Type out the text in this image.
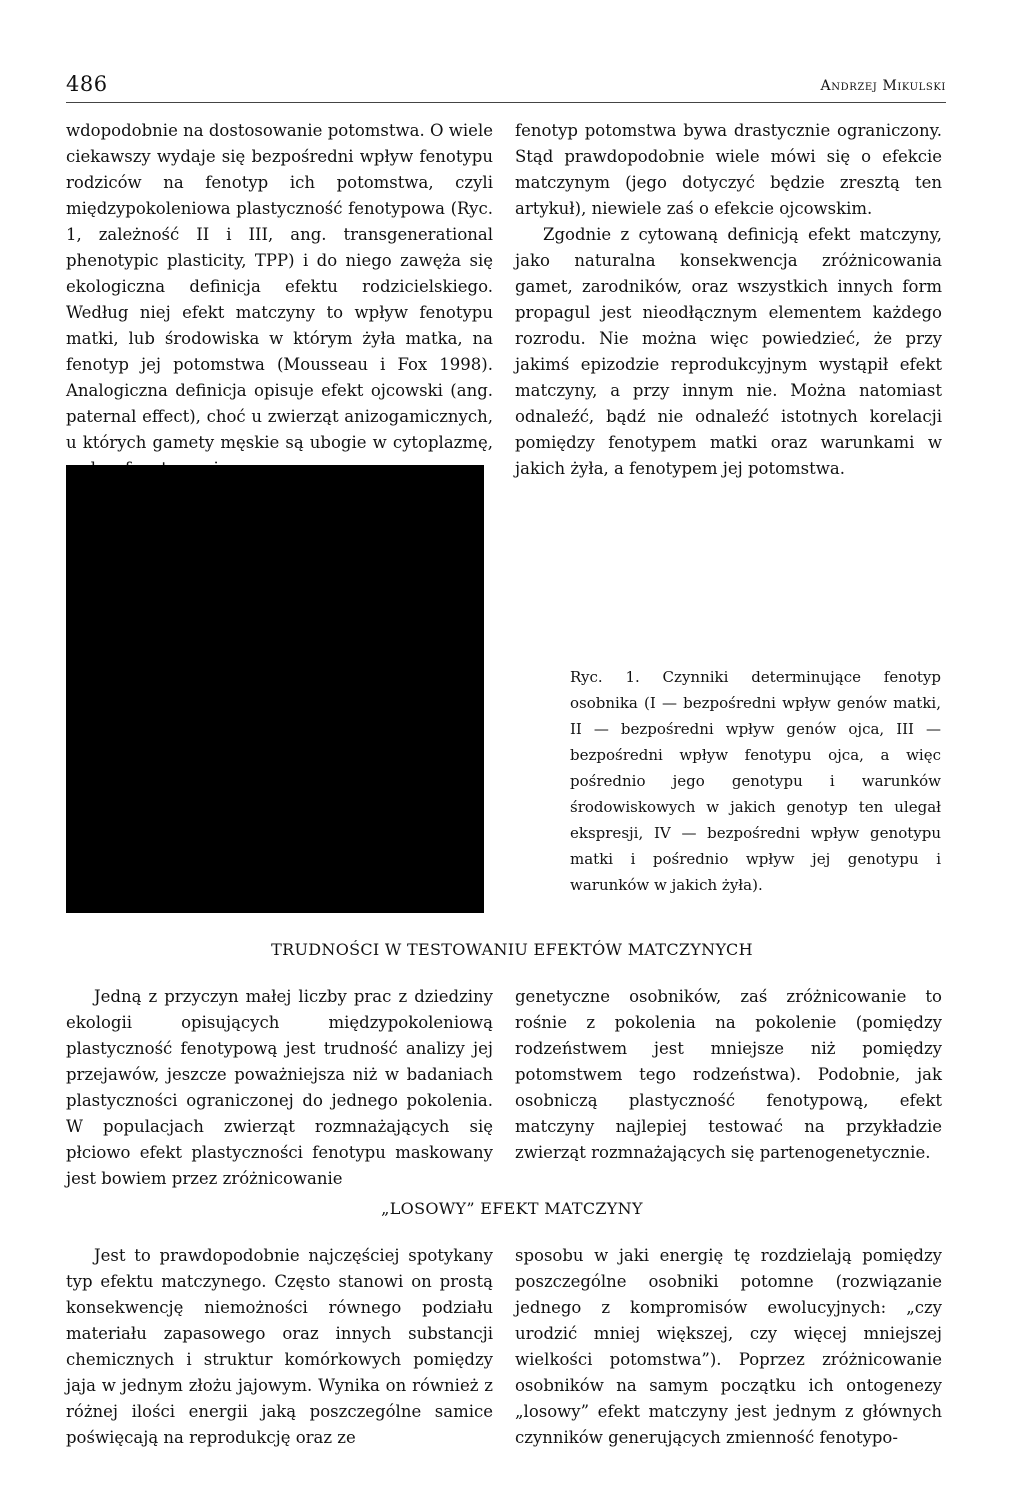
486	Andrzej Mikulski

wdopodobnie na dostosowanie potomstwa. O wiele ciekawszy wydaje się bezpośredni wpływ fenotypu rodziców na fenotyp ich potomstwa, czyli międzypokoleniowa plastyczność fenotypowa (Ryc. 1, zależność II i III, ang. transgenerational phenotypic plasticity, TPP) i do niego zawęża się ekologiczna definicja efektu rodzicielskiego. Według niej efekt matczyny to wpływ fenotypu matki, lub środowiska w którym żyła matka, na fenotyp jej potomstwa (Mousseau i Fox 1998). Analogiczna definicja opisuje efekt ojcowski (ang. paternal effect), choć u zwierząt anizogamicznych, u których gamety męskie są ubogie w cytoplazmę,

fenotyp potomstwa bywa drastycznie ograniczony. Stąd prawdopodobnie wiele mówi się o efekcie matczynym (jego dotyczyć będzie zresztą ten artykuł), niewiele zaś o efekcie ojcowskim.

Zgodnie z cytowaną definicją efekt matczyny, jako naturalna konsekwencja zróżnicowania gamet, zarodników, oraz wszystkich innych form propagul jest nieodłącznym elementem każdego rozrodu. Nie można więc powiedzieć, że przy jakimś epizodzie reprodukcyjnym wystąpił efekt matczyny, a przy innym nie. Można natomiast odnaleźć, bądź nie odnaleźć istotnych korelacji pomiędzy fenotypem matki oraz warunkami w jakich żyła, a fenotypem jej potomstwa.

Ryc. 1. Czynniki determinujące fenotyp osobnika (I — bezpośredni wpływ genów matki, II — bezpośredni wpływ genów ojca, III — bezpośredni wpływ fenotypu ojca, a więc pośrednio jego genotypu i warunków środowiskowych w jakich genotyp ten ulegał ekspresji, IV — bezpośredni wpływ genotypu matki i pośrednio wpływ jej genotypu i warunków w jakich żyła).

TRUDNOŚCI W TESTOWANIU EFEKTÓW MATCZYNYCH

Jedną z przyczyn małej liczby prac z dziedziny ekologii opisujących międzypokoleniową plastyczność fenotypową jest trudność analizy jej przejawów, jeszcze poważniejsza niż w badaniach plastyczności ograniczonej do jednego pokolenia. W populacjach zwierząt rozmnażających się płciowo efekt plastyczności fenotypu maskowany jest bowiem przez zróżnicowanie

genetyczne osobników, zaś zróżnicowanie to rośnie z pokolenia na pokolenie (pomiędzy rodzeństwem jest mniejsze niż pomiędzy potomstwem tego rodzeństwa). Podobnie, jak osobniczą plastyczność fenotypową, efekt matczyny najlepiej testować na przykładzie zwierząt rozmnażających się partenogenetycznie.

„LOSOWY” EFEKT MATCZYNY

Jest to prawdopodobnie najczęściej spotykany typ efektu matczynego. Często stanowi on prostą konsekwencję niemożności równego podziału materiału zapasowego oraz innych substancji chemicznych i struktur komórkowych pomiędzy jaja w jednym złożu jajowym. Wynika on również z różnej ilości energii jaką poszczególne samice poświęcają na reprodukcję oraz ze

sposobu w jaki energię tę rozdzielają pomiędzy poszczególne osobniki potomne (rozwiązanie jednego z kompromisów ewolucyjnych: „czy urodzić mniej większej, czy więcej mniejszej wielkości potomstwa”). Poprzez zróżnicowanie osobników na samym początku ich ontogenezy „losowy” efekt matczyny jest jednym z głównych czynników generujących zmienność fenotypo-
